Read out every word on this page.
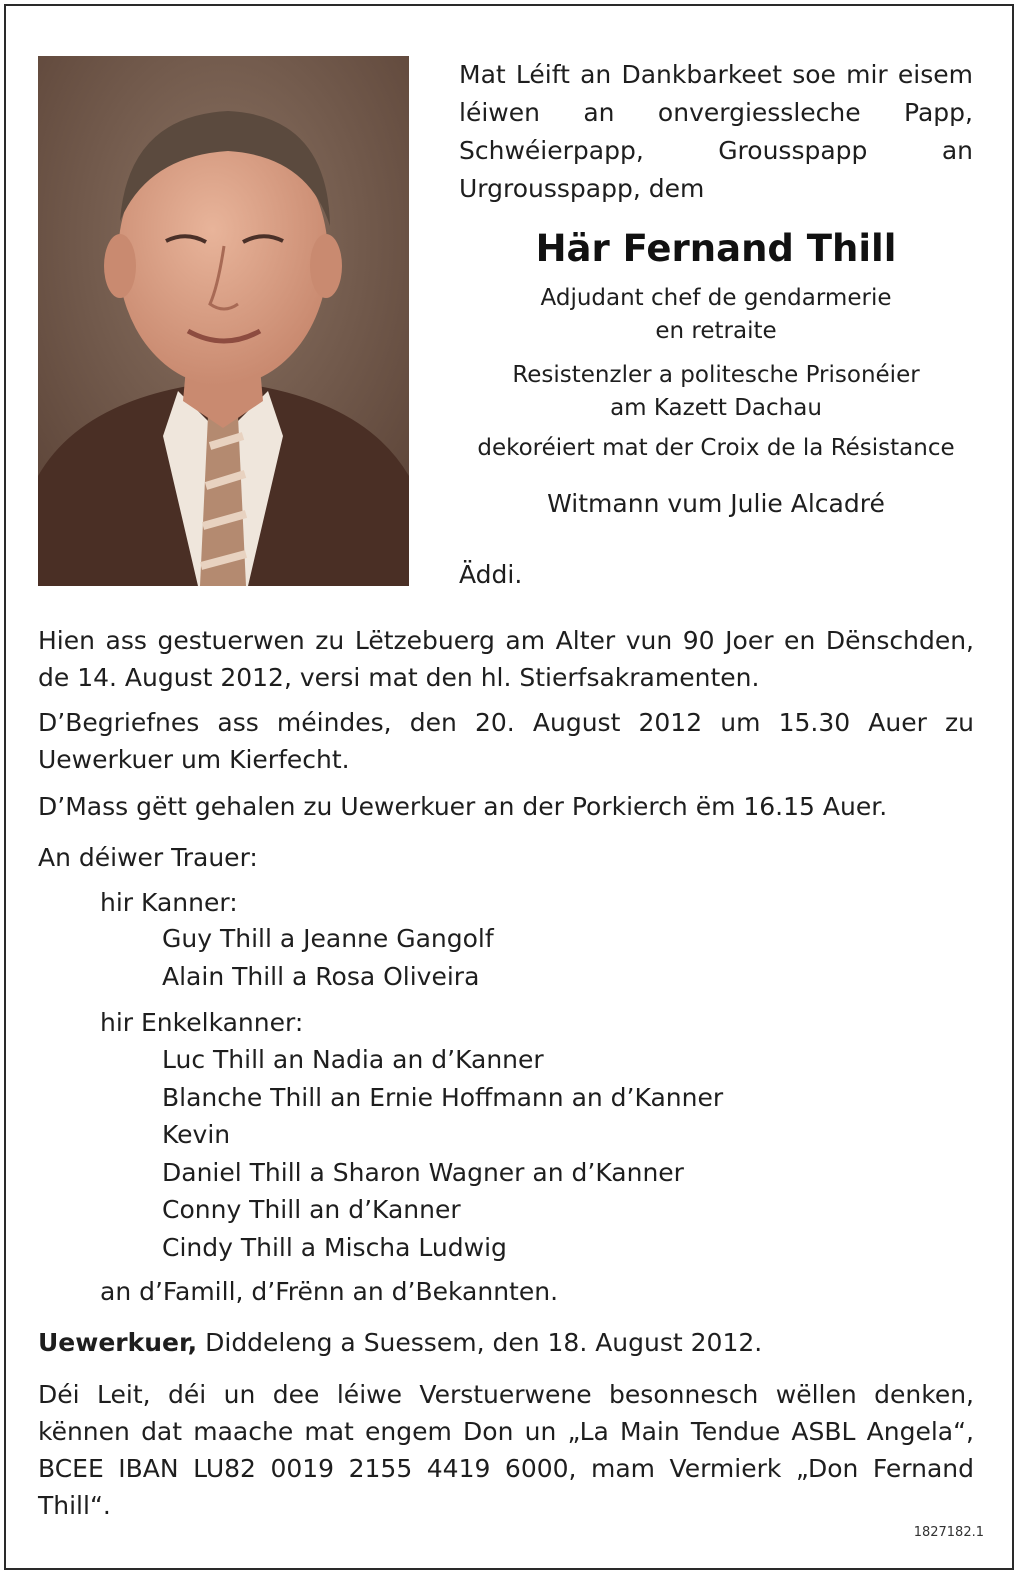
Mat Léift an Dankbarkeet soe mir eisem léiwen an onvergiessleche Papp, Schwéierpapp, Grousspapp an Urgrousspapp, dem
Här Fernand Thill
Adjudant chef de gendarmerie
en retraite
Resistenzler a politesche Prisonéier
am Kazett Dachau
dekoréiert mat der Croix de la Résistance
Witmann vum Julie Alcadré
Äddi.
Hien ass gestuerwen zu Lëtzebuerg am Alter vun 90 Joer en Dënschden, de 14. August 2012, versi mat den hl. Stierfsakramenten.
D’Begriefnes ass méindes, den 20. August 2012 um 15.30 Auer zu Uewerkuer um Kierfecht.
D’Mass gëtt gehalen zu Uewerkuer an der Porkierch ëm 16.15 Auer.
An déiwer Trauer:
hir Kanner:
Guy Thill a Jeanne Gangolf
Alain Thill a Rosa Oliveira
hir Enkelkanner:
Luc Thill an Nadia an d’Kanner
Blanche Thill an Ernie Hoffmann an d’Kanner
Kevin
Daniel Thill a Sharon Wagner an d’Kanner
Conny Thill an d’Kanner
Cindy Thill a Mischa Ludwig
an d’Famill, d’Frënn an d’Bekannten.
Uewerkuer, Diddeleng a Suessem, den 18. August 2012.
Déi Leit, déi un dee léiwe Verstuerwene besonnesch wëllen denken, kënnen dat maache mat engem Don un „La Main Tendue ASBL Angela“, BCEE IBAN LU82 0019 2155 4419 6000, mam Vermierk „Don Fernand Thill“.
1827182.1
